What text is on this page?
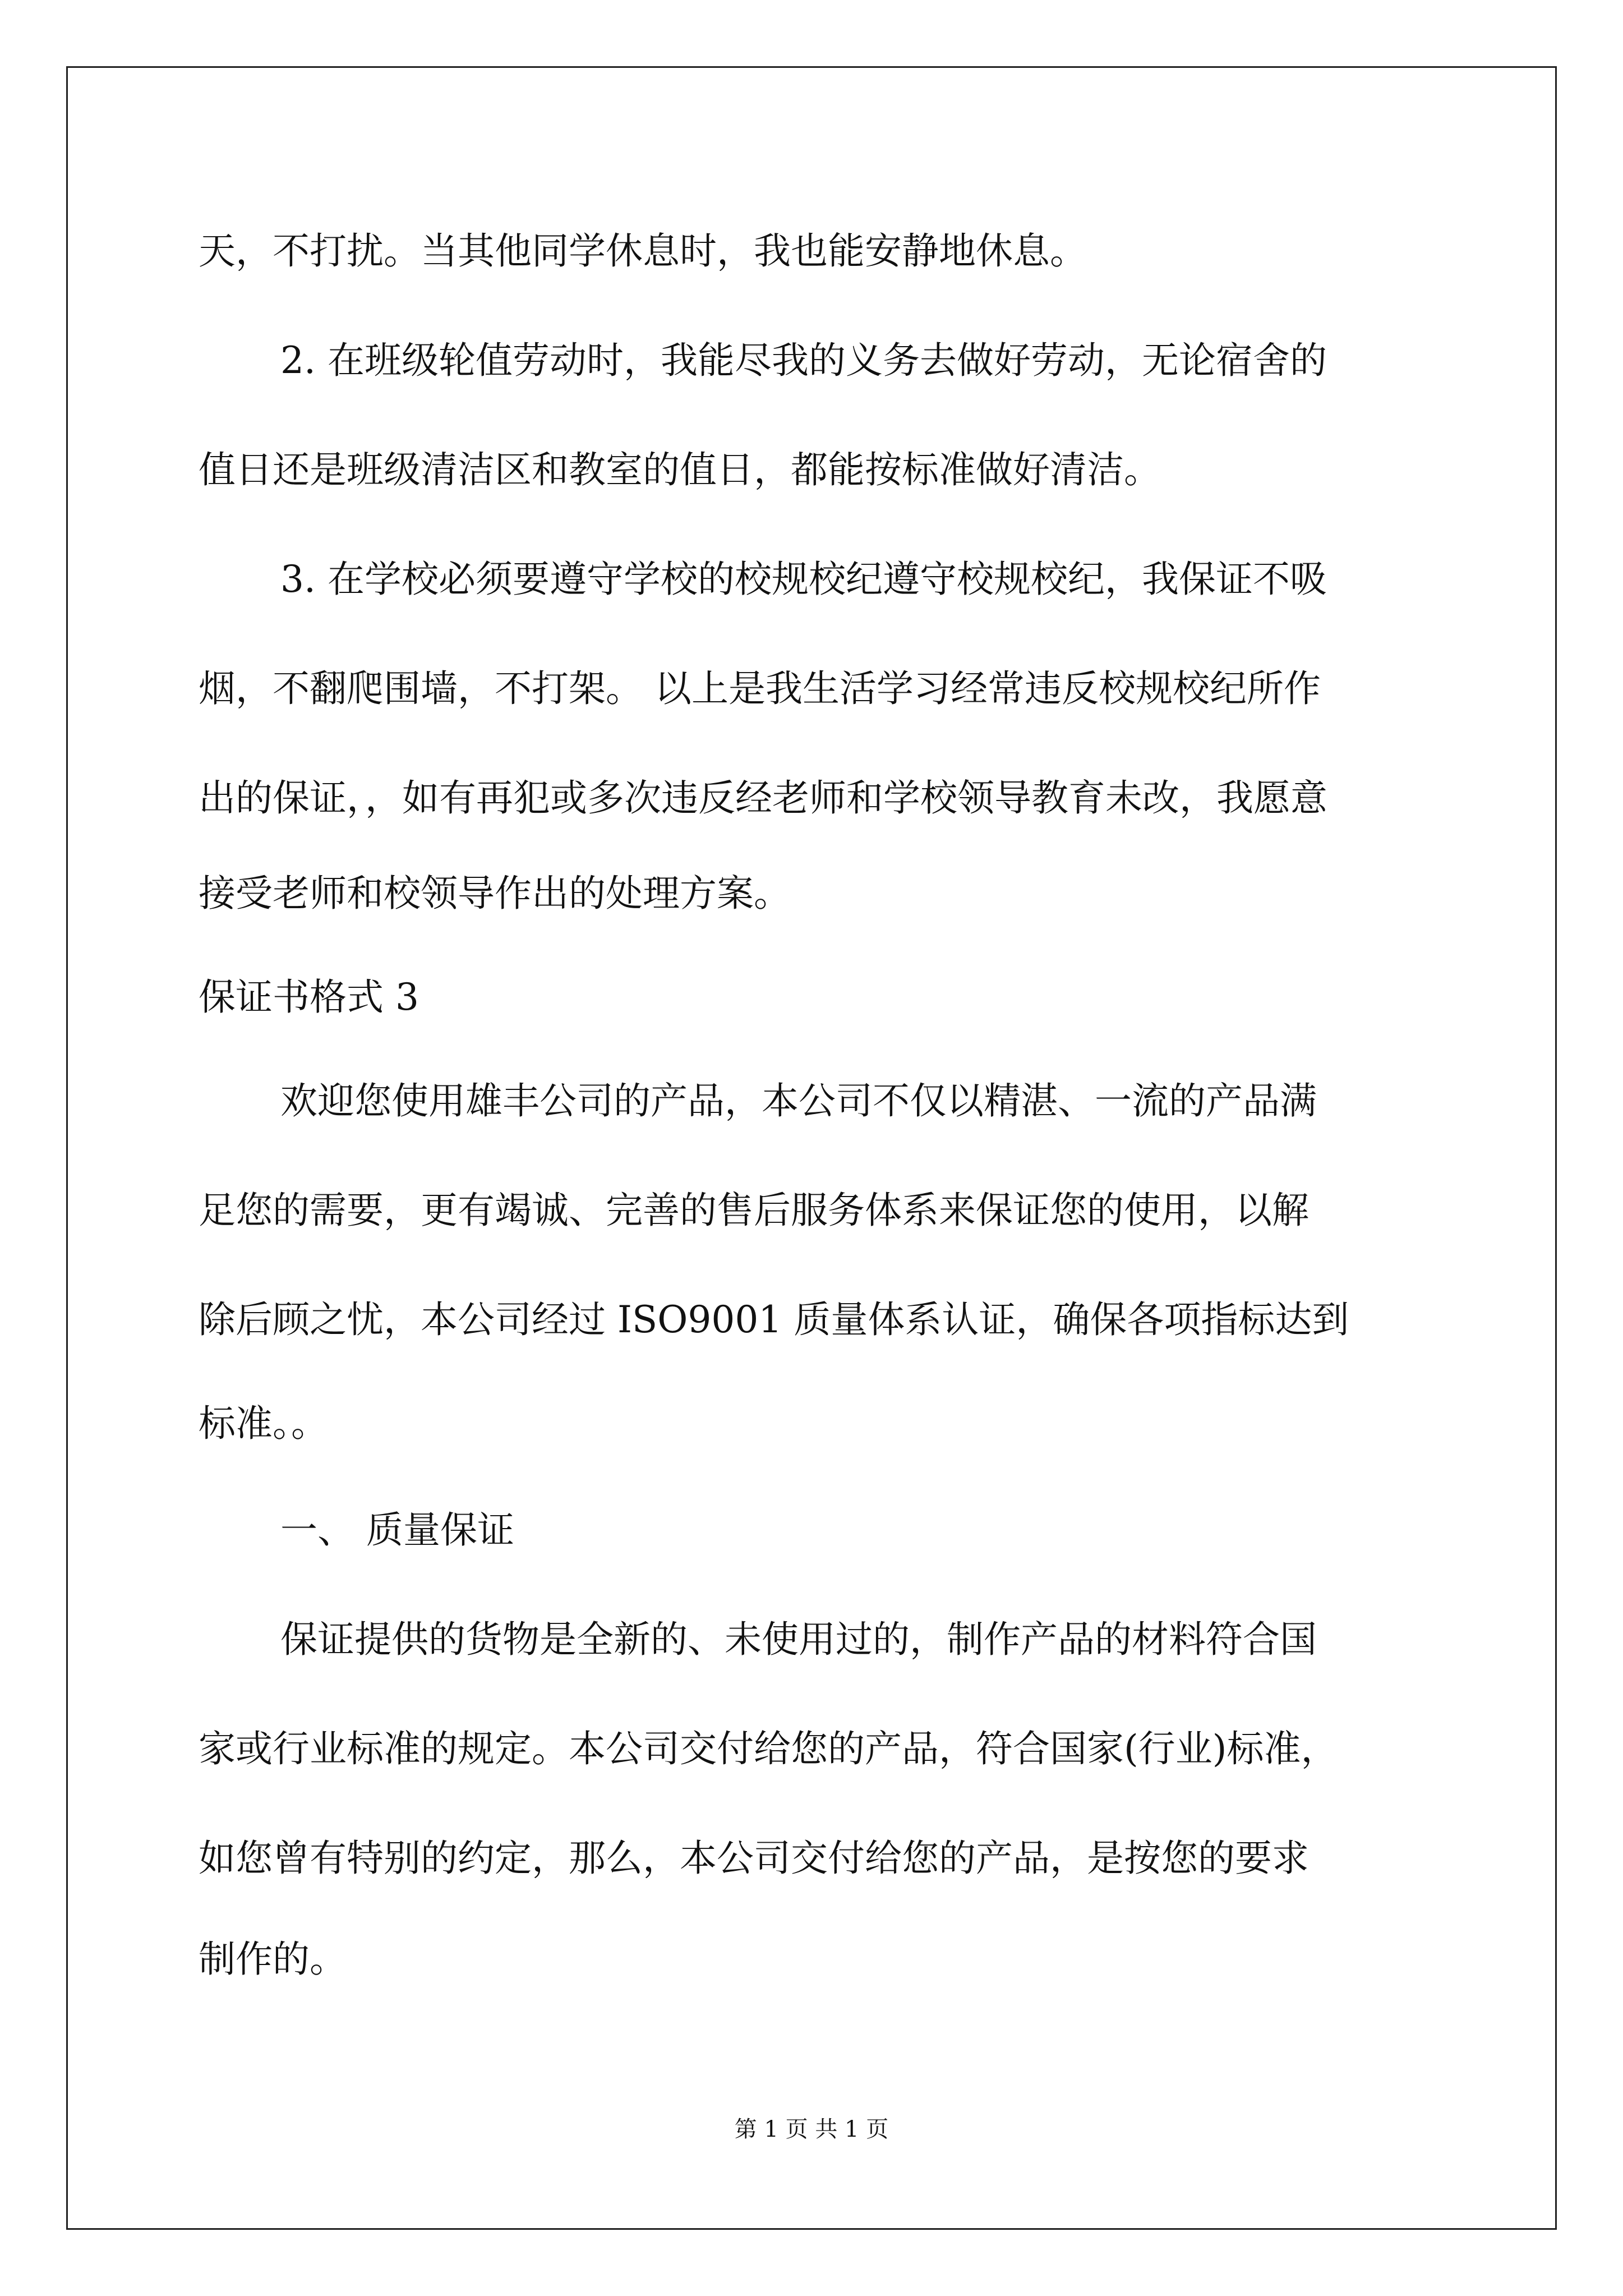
天，不打扰。当其他同学休息时，我也能安静地休息。
2. 在班级轮值劳动时，我能尽我的义务去做好劳动，无论宿舍的
值日还是班级清洁区和教室的值日，都能按标准做好清洁。
3. 在学校必须要遵守学校的校规校纪遵守校规校纪，我保证不吸
烟，不翻爬围墙，不打架。 以上是我生活学习经常违反校规校纪所作
出的保证，，如有再犯或多次违反经老师和学校领导教育未改，我愿意
接受老师和校领导作出的处理方案。
保证书格式 3
欢迎您使用雄丰公司的产品，本公司不仅以精湛、一流的产品满
足您的需要，更有竭诚、完善的售后服务体系来保证您的使用，以解
除后顾之忧，本公司经过 ISO9001 质量体系认证，确保各项指标达到
标准。。
一、 质量保证
保证提供的货物是全新的、未使用过的，制作产品的材料符合国
家或行业标准的规定。本公司交付给您的产品，符合国家(行业)标准，
如您曾有特别的约定，那么，本公司交付给您的产品，是按您的要求
制作的。
第 1 页 共 1 页
